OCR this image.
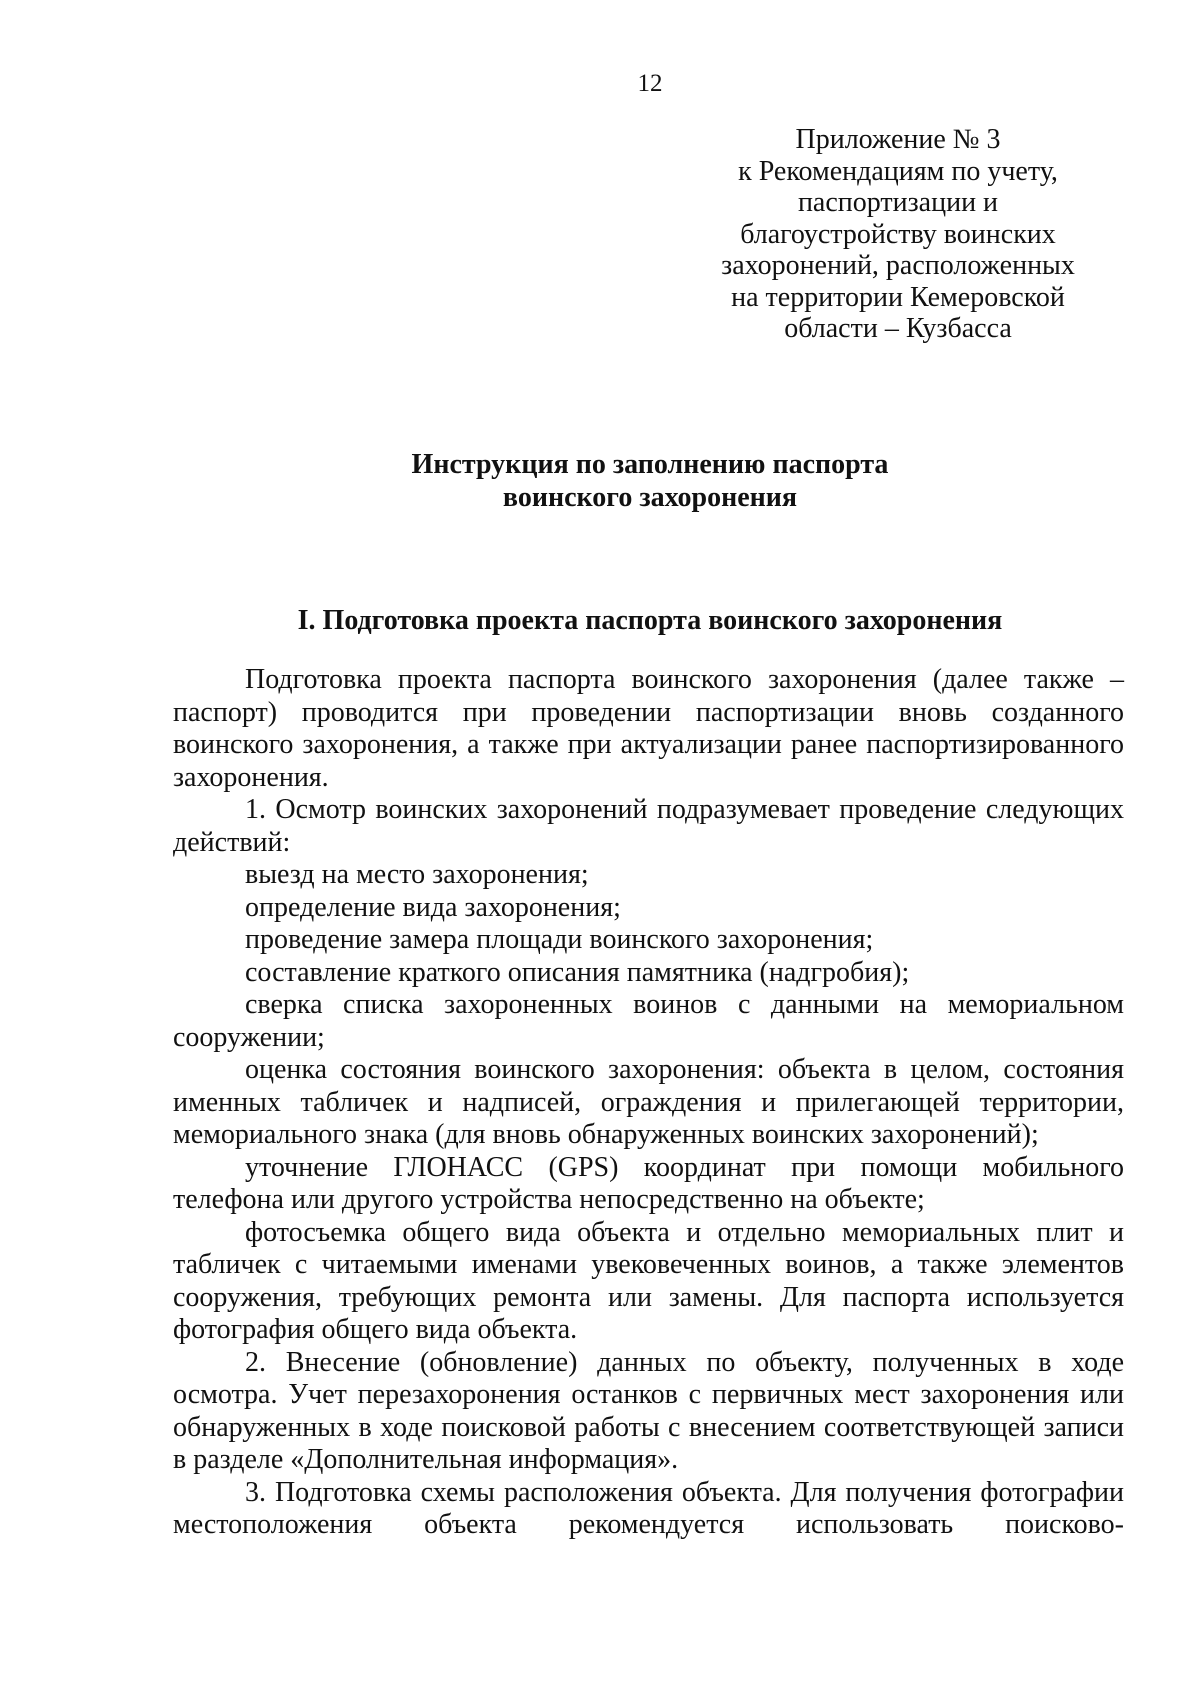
12
Приложение № 3
к Рекомендациям по учету,
паспортизации и
благоустройству воинских
захоронений, расположенных
на территории Кемеровской
области – Кузбасса
Инструкция по заполнению паспорта
воинского захоронения
I. Подготовка проекта паспорта воинского захоронения

Подготовка проекта паспорта воинского захоронения (далее также – паспорт) проводится при проведении паспортизации вновь созданного воинского захоронения, а также при актуализации ранее паспортизированного захоронения.

1. Осмотр воинских захоронений подразумевает проведение следующих действий:

выезд на место захоронения;

определение вида захоронения;

проведение замера площади воинского захоронения;

составление краткого описания памятника (надгробия);

сверка списка захороненных воинов с данными на мемориальном сооружении;

оценка состояния воинского захоронения: объекта в целом, состояния именных табличек и надписей, ограждения и прилегающей территории, мемориального знака (для вновь обнаруженных воинских захоронений);

уточнение ГЛОНАСС (GPS) координат при помощи мобильного телефона или другого устройства непосредственно на объекте;

фотосъемка общего вида объекта и отдельно мемориальных плит и табличек с читаемыми именами увековеченных воинов, а также элементов сооружения, требующих ремонта или замены. Для паспорта используется фотография общего вида объекта.

2. Внесение (обновление) данных по объекту, полученных в ходе осмотра. Учет перезахоронения останков с первичных мест захоронения или обнаруженных в ходе поисковой работы с внесением соответствующей записи в разделе «Дополнительная информация».

3. Подготовка схемы расположения объекта. Для получения фотографии местоположения объекта рекомендуется использовать поисково-
